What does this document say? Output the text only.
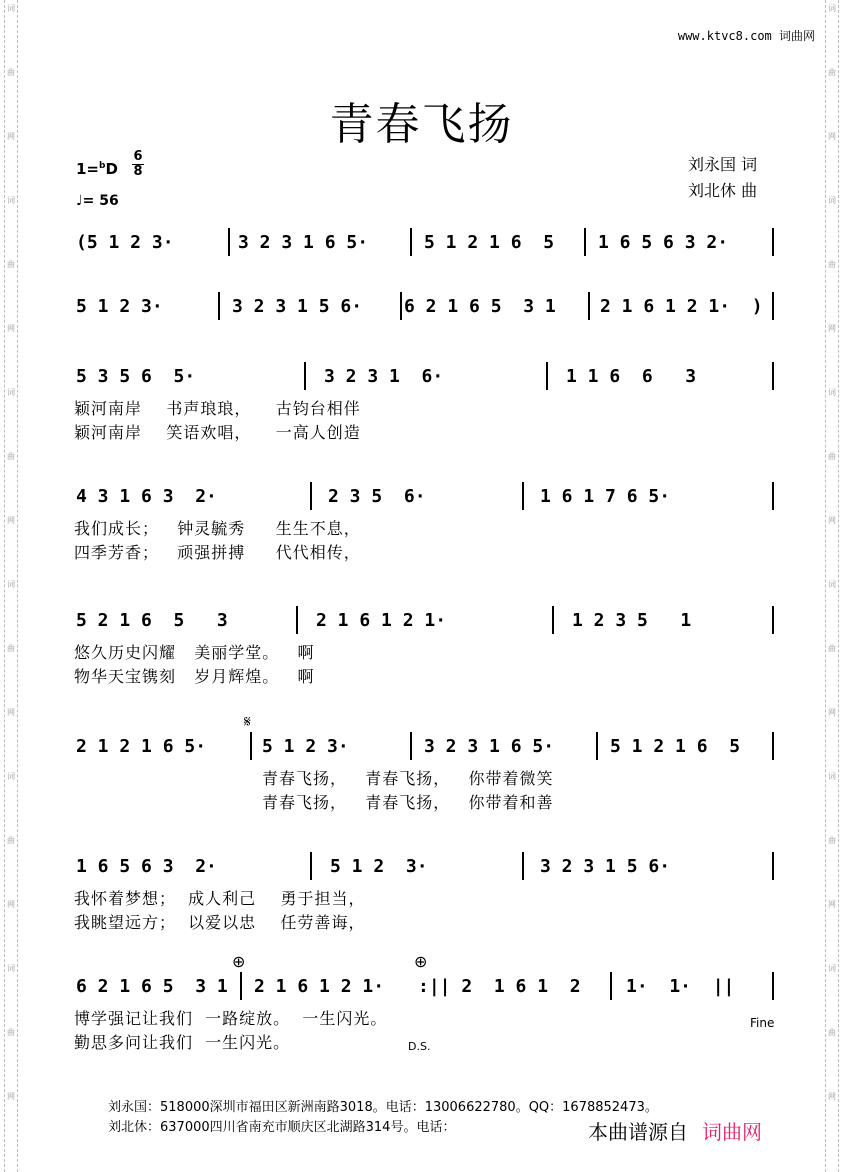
词
曲
网
词
曲
网
词
曲
网
词
曲
网
词
曲
网
词
曲
网
词
曲
网
词
曲
网
词
曲
网
词
曲
网
词
曲
网
词
曲
网
www.ktvc8.com 词曲网
青春飞扬
1=$^b$D
6
8
♩= 56
刘永国 词
刘北休 曲
(5 1 2 3·	3 2 3 1 6 5·	5 1 2 1 6  5 1 6 5 6 3 2·
5 1 2 3·	3 2 3 1 5 6· 6 2 1 6 5  3 1 2 1 6 1 2 1·  )
5 3 5 6  5·	3 2 3 1  6·	1 1 6  6   3
颖河南岸    书声琅琅，    古钧台相伴
颖河南岸    笑语欢唱，    一高人创造
4 3 1 6 3  2·	2 3 5  6·	1 6 1 7 6 5·
我们成长；   钟灵毓秀     生生不息，
四季芳香；   顽强拼搏     代代相传，
5 2 1 6  5   3	2 1 6 1 2 1·	1 2 3 5   1
悠久历史闪耀   美丽学堂。   啊
物华天宝镌刻   岁月辉煌。   啊
2 1 2 1 6 5·	5 1 2 3·	3 2 3 1 6 5·	5 1 2 1 6  5
青春飞扬，   青春飞扬，   你带着微笑
青春飞扬，   青春飞扬，   你带着和善
1 6 5 6 3  2·	5 1 2  3·	3 2 3 1 5 6·
我怀着梦想；  成人利己    勇于担当，
我眺望远方；  以爱以忠    任劳善诲，
6 2 1 6 5  3 1 2 1 6 1 2 1· :|| 2  1 6 1  2	1·  1·  ||
博学强记让我们  一路绽放。  一生闪光。
勤思多问让我们  一生闪光。
𝄋
⊕	⊕
Fine
D.S.
刘永国：518000深圳市福田区新洲南路3018。电话：13006622780。QQ：1678852473。
刘北休：637000四川省南充市顺庆区北湖路314号。电话：	本曲谱源自 词曲网
